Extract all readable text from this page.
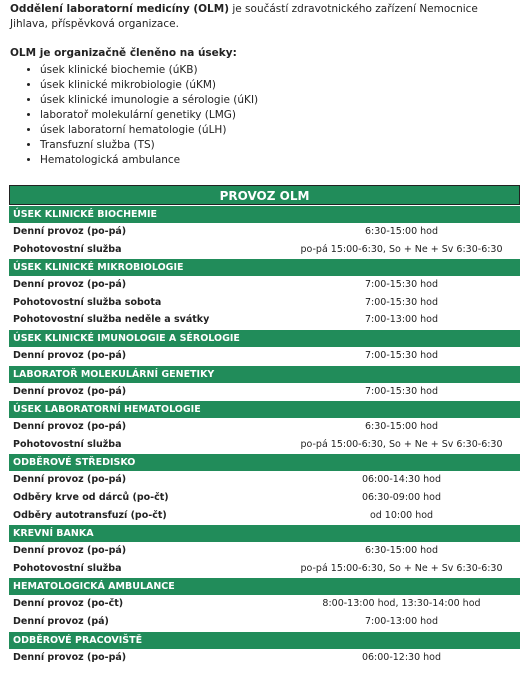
Oddělení laboratorní medicíny (OLM) je součástí zdravotnického zařízení Nemocnice Jihlava, příspěvková organizace.
OLM je organizačně členěno na úseky:
• úsek klinické biochemie (úKB)
• úsek klinické mikrobiologie (úKM)
• úsek klinické imunologie a sérologie (úKI)
• laboratoř molekulární genetiky (LMG)
• úsek laboratorní hematologie (úLH)
• Transfuzní služba (TS)
• Hematologická ambulance
PROVOZ OLM
ÚSEK KLINICKÉ BIOCHEMIE
Denní provoz (po-pá)	6:30-15:00 hod
Pohotovostní služba	po-pá 15:00-6:30, So + Ne + Sv 6:30-6:30
ÚSEK KLINICKÉ MIKROBIOLOGIE
Denní provoz (po-pá)	7:00-15:30 hod
Pohotovostní služba sobota	7:00-15:30 hod
Pohotovostní služba neděle a svátky	7:00-13:00 hod
ÚSEK KLINICKÉ IMUNOLOGIE A SÉROLOGIE
Denní provoz (po-pá)	7:00-15:30 hod
LABORATOŘ MOLEKULÁRNÍ GENETIKY
Denní provoz (po-pá)	7:00-15:30 hod
ÚSEK LABORATORNÍ HEMATOLOGIE
Denní provoz (po-pá)	6:30-15:00 hod
Pohotovostní služba	po-pá 15:00-6:30, So + Ne + Sv 6:30-6:30
ODBĚROVÉ STŘEDISKO
Denní provoz (po-pá)	06:00-14:30 hod
Odběry krve od dárců (po-čt)	06:30-09:00 hod
Odběry autotransfuzí (po-čt)	od 10:00 hod
KREVNÍ BANKA
Denní provoz (po-pá)	6:30-15:00 hod
Pohotovostní služba	po-pá 15:00-6:30, So + Ne + Sv 6:30-6:30
HEMATOLOGICKÁ AMBULANCE
Denní provoz (po-čt)	8:00-13:00 hod, 13:30-14:00 hod
Denní provoz (pá)	7:00-13:00 hod
ODBĚROVÉ PRACOVIŠTĚ
Denní provoz (po-pá)	06:00-12:30 hod
